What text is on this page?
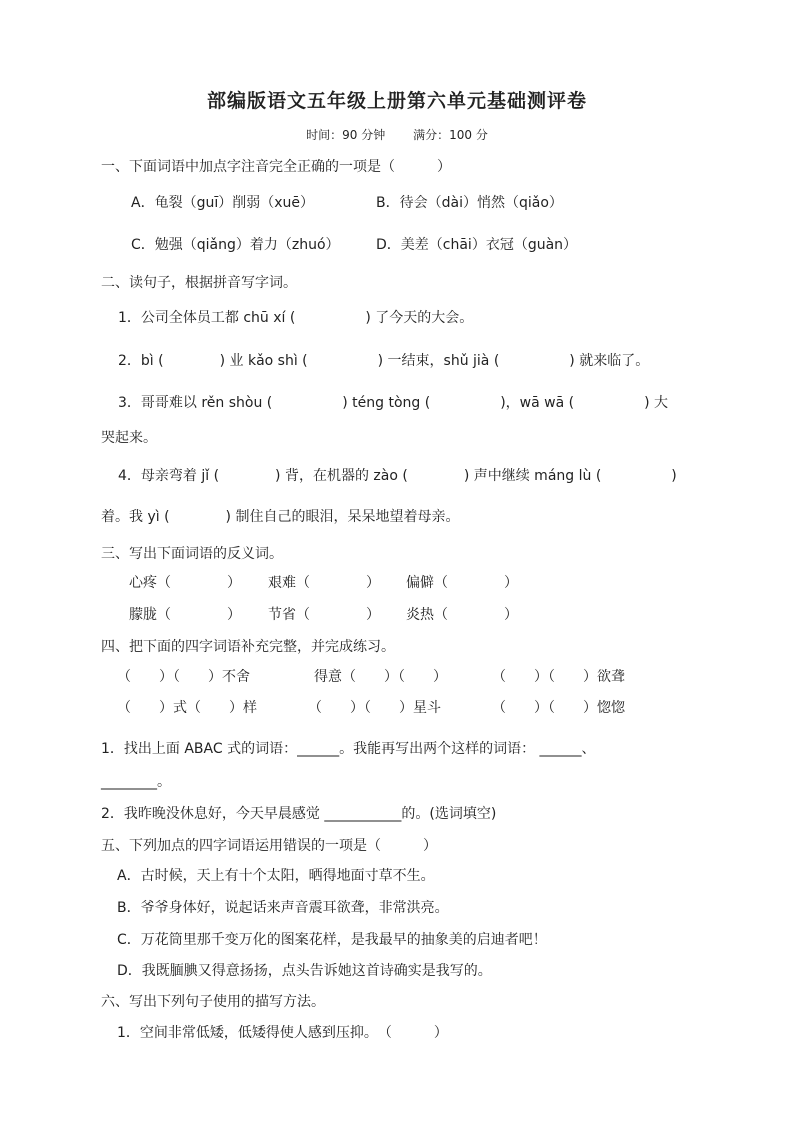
部编版语文五年级上册第六单元基础测评卷
时间：90 分钟 满分：100 分
一、下面词语中加点字注音完全正确的一项是（　　　）
A．龟裂（guī）削弱（xuē）	B．待会（dài）悄然（qiǎo）
C．勉强（qiǎng）着力（zhuó）	D．美差（chāi）衣冠（guàn）
二、读句子，根据拼音写字词。
1．公司全体员工都 chū xí (　　　　　) 了今天的大会。
2．bì (　　　　) 业 kǎo shì (　　　　　) 一结束，shǔ jià (　　　　　) 就来临了。
3．哥哥难以 rěn shòu (　　　　　) téng tòng (　　　　　)，wā wā (　　　　　) 大
哭起来。
4．母亲弯着 jǐ (　　　　) 背，在机器的 zào (　　　　) 声中继续 máng lù (　　　　　)
着。我 yì (　　　　) 制住自己的眼泪，呆呆地望着母亲。
三、写出下面词语的反义词。
心疼（　　　　） 艰难（　　　　） 偏僻（　　　　）
朦胧（　　　　） 节省（　　　　） 炎热（　　　　）
四、把下面的四字词语补充完整，并完成练习。
（　　）（　　）不舍	得意（　　）（　　）	（　　）（　　）欲聋
（　　）式（　　）样	（　　）（　　）星斗	（　　）（　　）惚惚
1．找出上面 ABAC 式的词语：______。我能再写出两个这样的词语： ______、
________。
2．我昨晚没休息好，今天早晨感觉 ___________的。(选词填空)
五、下列加点的四字词语运用错误的一项是（　　　）
A．古时候，天上有十个太阳，晒得地面寸草不生。
B．爷爷身体好，说起话来声音震耳欲聋，非常洪亮。
C．万花筒里那千变万化的图案花样，是我最早的抽象美的启迪者吧！
D．我既腼腆又得意扬扬，点头告诉她这首诗确实是我写的。
六、写出下列句子使用的描写方法。
1．空间非常低矮，低矮得使人感到压抑。　（　　　）
